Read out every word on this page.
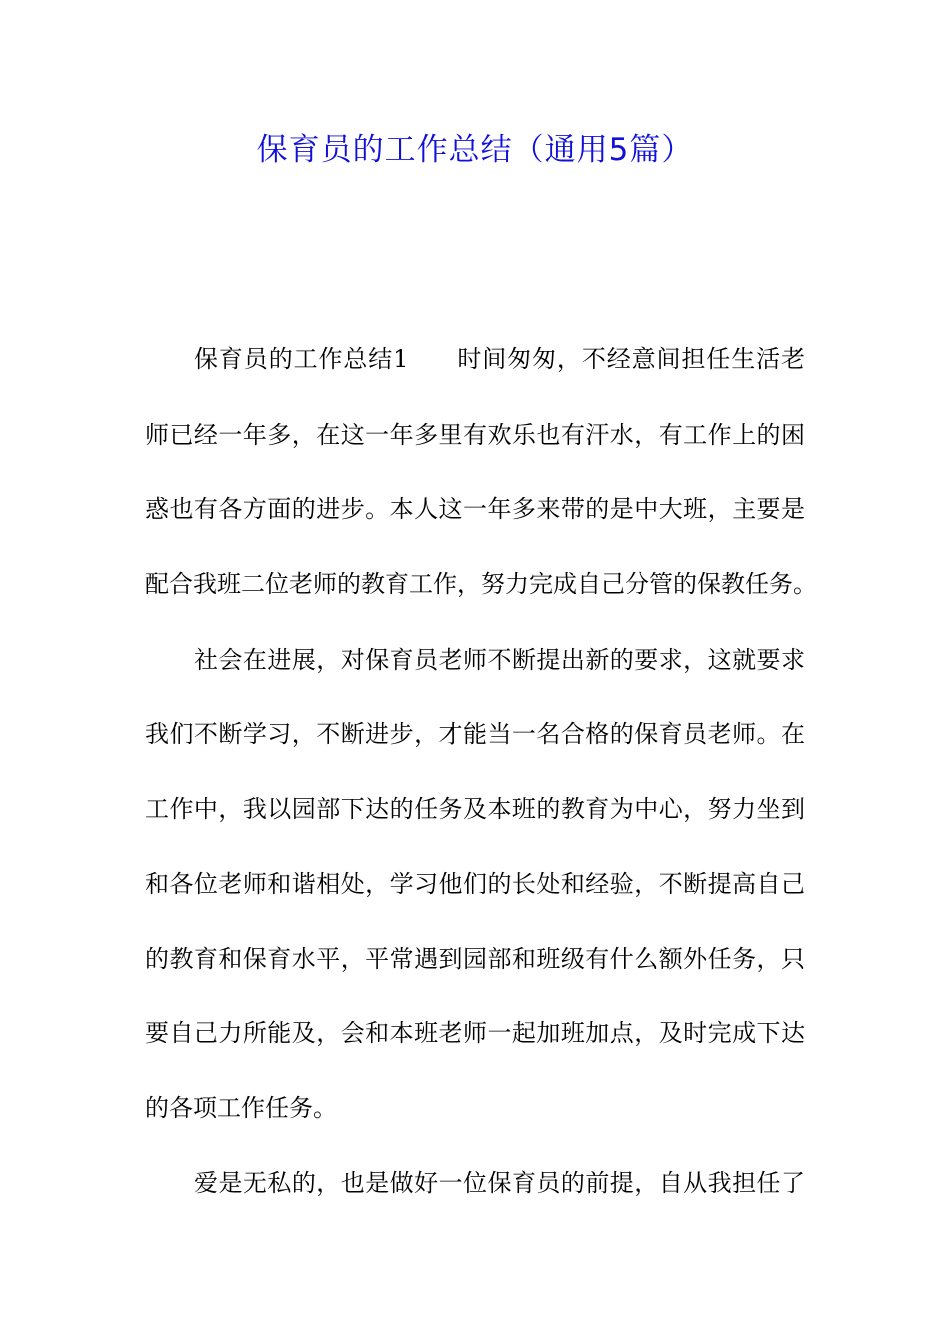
保育员的工作总结（通用5篇）

保育员的工作总结1 时间匆匆，不经意间担任生活老

师已经一年多，在这一年多里有欢乐也有汗水，有工作上的困

惑也有各方面的进步。本人这一年多来带的是中大班，主要是

配合我班二位老师的教育工作，努力完成自己分管的保教任务。

社会在进展，对保育员老师不断提出新的要求，这就要求

我们不断学习，不断进步，才能当一名合格的保育员老师。在

工作中，我以园部下达的任务及本班的教育为中心，努力坐到

和各位老师和谐相处，学习他们的长处和经验，不断提高自己

的教育和保育水平，平常遇到园部和班级有什么额外任务，只

要自己力所能及，会和本班老师一起加班加点，及时完成下达

的各项工作任务。

爱是无私的，也是做好一位保育员的前提，自从我担任了
